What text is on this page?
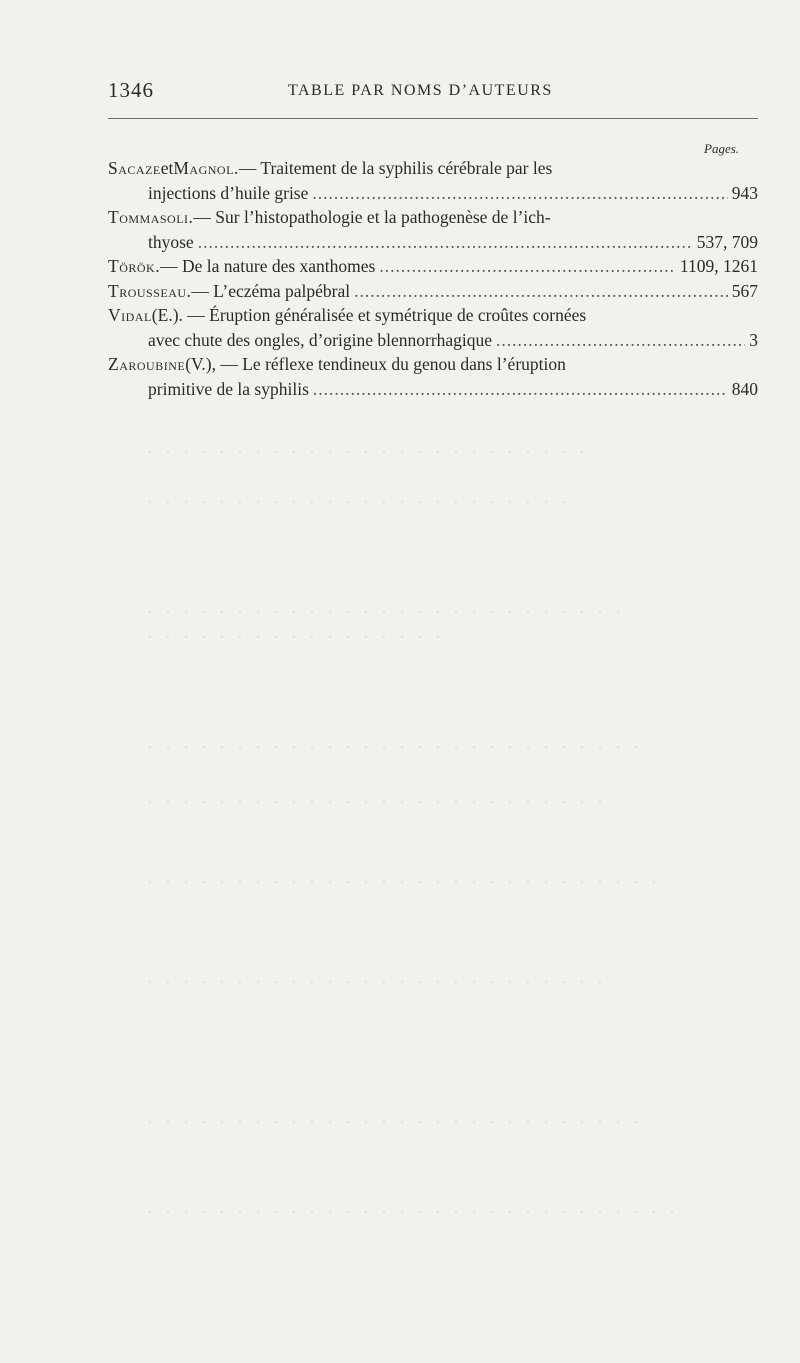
1346	TABLE PAR NOMS D’AUTEURS
Pages.
Sacaze et Magnol. — Traitement de la syphilis cérébrale par les
injections d’huile grise .....	943
Tommasoli. — Sur l’histopathologie et la pathogenèse de l’ich-
thyose .....	537, 709
Török. — De la nature des xanthomes .....	1109, 1261
Trousseau. — L’eczéma palpébral .....	567
Vidal (E.). — Éruption généralisée et symétrique de croûtes cornées
avec chute des ongles, d’origine blennorrhagique .....	3
Zaroubine (V.), — Le réflexe tendineux du genou dans l’éruption
primitive de la syphilis .....	840
. . . . . . . . . . . . . . . . . . . . . . . . .
. . . . . . . . . . . . . . . . . . . . . . . .
. . . . . . . . . . . . . . . . . . . . . . . . . . .
. . . . . . . . . . . . . . . . .
. . . . . . . . . . . . . . . . . . . . . . . . . . . .
. . . . . . . . . . . . . . . . . . . . . . . . . .
. . . . . . . . . . . . . . . . . . . . . . . . . . . . .
. . . . . . . . . . . . . . . . . . . . . . . . . .
. . . . . . . . . . . . . . . . . . . . . . . . . . . .
. . . . . . . . . . . . . . . . . . . . . . . . . . . . . .
